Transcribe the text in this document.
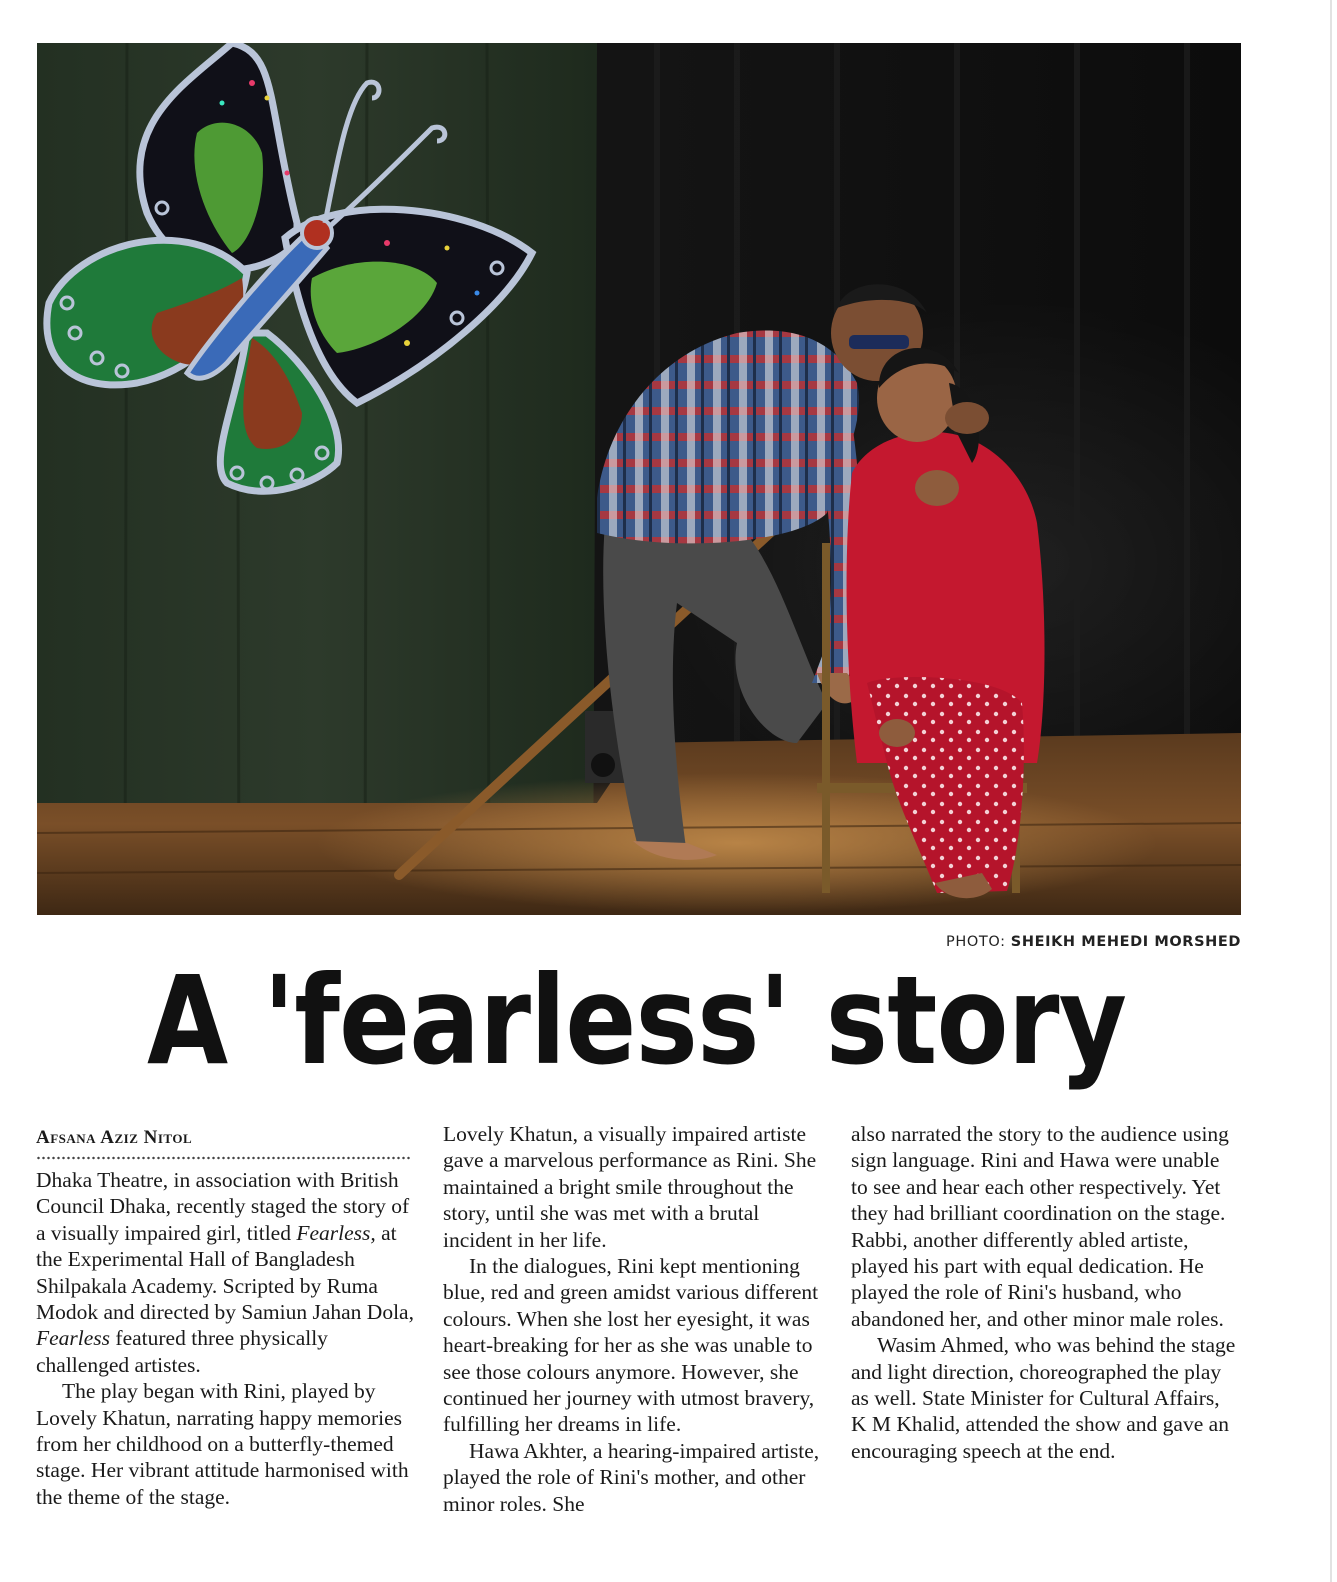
PHOTO: SHEIKH MEHEDI MORSHED
A 'fearless' story
Afsana Aziz Nitol

Dhaka Theatre, in association with British Council Dhaka, recently staged the story of a visually impaired girl, titled Fearless, at the Experimental Hall of Bangladesh Shilpakala Academy. Scripted by Ruma Modok and directed by Samiun Jahan Dola, Fearless featured three physically challenged artistes.

The play began with Rini, played by Lovely Khatun, narrating happy memories from her childhood on a butterfly-themed stage. Her vibrant attitude harmonised with the theme of the stage.

Lovely Khatun, a visually impaired artiste gave a marvelous performance as Rini. She maintained a bright smile throughout the story, until she was met with a brutal incident in her life.

In the dialogues, Rini kept mentioning blue, red and green amidst various different colours. When she lost her eyesight, it was heart-breaking for her as she was unable to see those colours anymore. However, she continued her journey with utmost bravery, fulfilling her dreams in life.

Hawa Akhter, a hearing-impaired artiste, played the role of Rini's mother, and other minor roles. She

also narrated the story to the audience using sign language. Rini and Hawa were unable to see and hear each other respectively. Yet they had brilliant coordination on the stage. Rabbi, another differently abled artiste, played his part with equal dedication. He played the role of Rini's husband, who abandoned her, and other minor male roles.

Wasim Ahmed, who was behind the stage and light direction, choreographed the play as well. State Minister for Cultural Affairs, K M Khalid, attended the show and gave an encouraging speech at the end.
